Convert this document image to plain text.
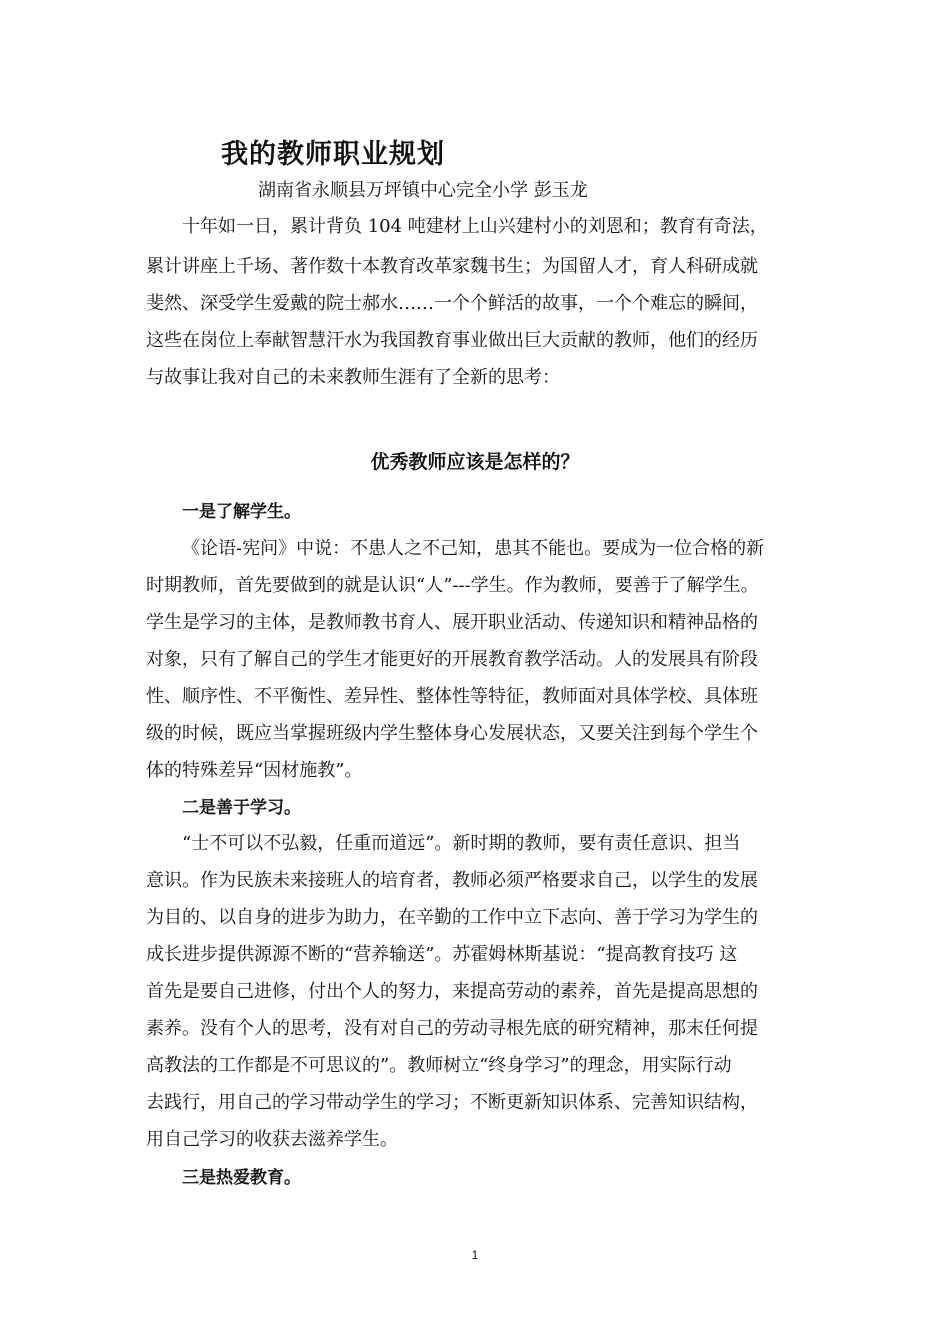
我的教师职业规划
湖南省永顺县万坪镇中心完全小学 彭玉龙
十年如一日，累计背负 104 吨建材上山兴建村小的刘恩和；教育有奇法，
累计讲座上千场、著作数十本教育改革家魏书生；为国留人才，育人科研成就
斐然、深受学生爱戴的院士郝水……一个个鲜活的故事，一个个难忘的瞬间，
这些在岗位上奉献智慧汗水为我国教育事业做出巨大贡献的教师，他们的经历
与故事让我对自己的未来教师生涯有了全新的思考：
优秀教师应该是怎样的？
一是了解学生。
《论语-宪问》中说：不患人之不己知，患其不能也。要成为一位合格的新
时期教师，首先要做到的就是认识“人”---学生。作为教师，要善于了解学生。
学生是学习的主体，是教师教书育人、展开职业活动、传递知识和精神品格的
对象，只有了解自己的学生才能更好的开展教育教学活动。人的发展具有阶段
性、顺序性、不平衡性、差异性、整体性等特征，教师面对具体学校、具体班
级的时候，既应当掌握班级内学生整体身心发展状态，又要关注到每个学生个
体的特殊差异“因材施教”。
二是善于学习。
“士不可以不弘毅，任重而道远”。新时期的教师，要有责任意识、担当
意识。作为民族未来接班人的培育者，教师必须严格要求自己，以学生的发展
为目的、以自身的进步为助力，在辛勤的工作中立下志向、善于学习为学生的
成长进步提供源源不断的“营养输送”。苏霍姆林斯基说：“提高教育技巧 这
首先是要自己进修，付出个人的努力，来提高劳动的素养，首先是提高思想的
素养。没有个人的思考，没有对自己的劳动寻根先底的研究精神，那末任何提
高教法的工作都是不可思议的”。教师树立“终身学习”的理念，用实际行动
去践行，用自己的学习带动学生的学习；不断更新知识体系、完善知识结构，
用自己学习的收获去滋养学生。
三是热爱教育。
1
